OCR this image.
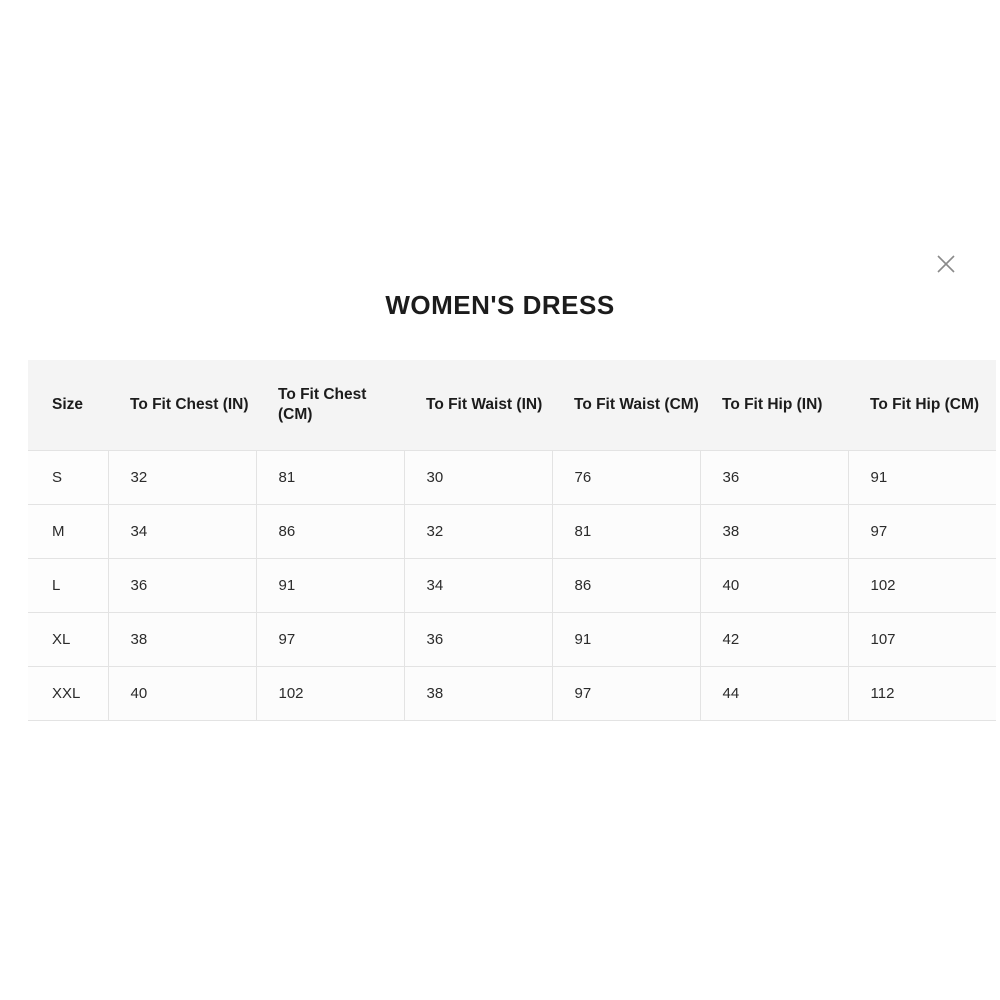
WOMEN'S DRESS
Size	To Fit Chest (IN)	To Fit Chest (CM)	To Fit Waist (IN)	To Fit Waist (CM)	To Fit Hip (IN)	To Fit Hip (CM)
S	32	81	30	76	36	91
M	34	86	32	81	38	97
L	36	91	34	86	40	102
XL	38	97	36	91	42	107
XXL	40	102	38	97	44	112
